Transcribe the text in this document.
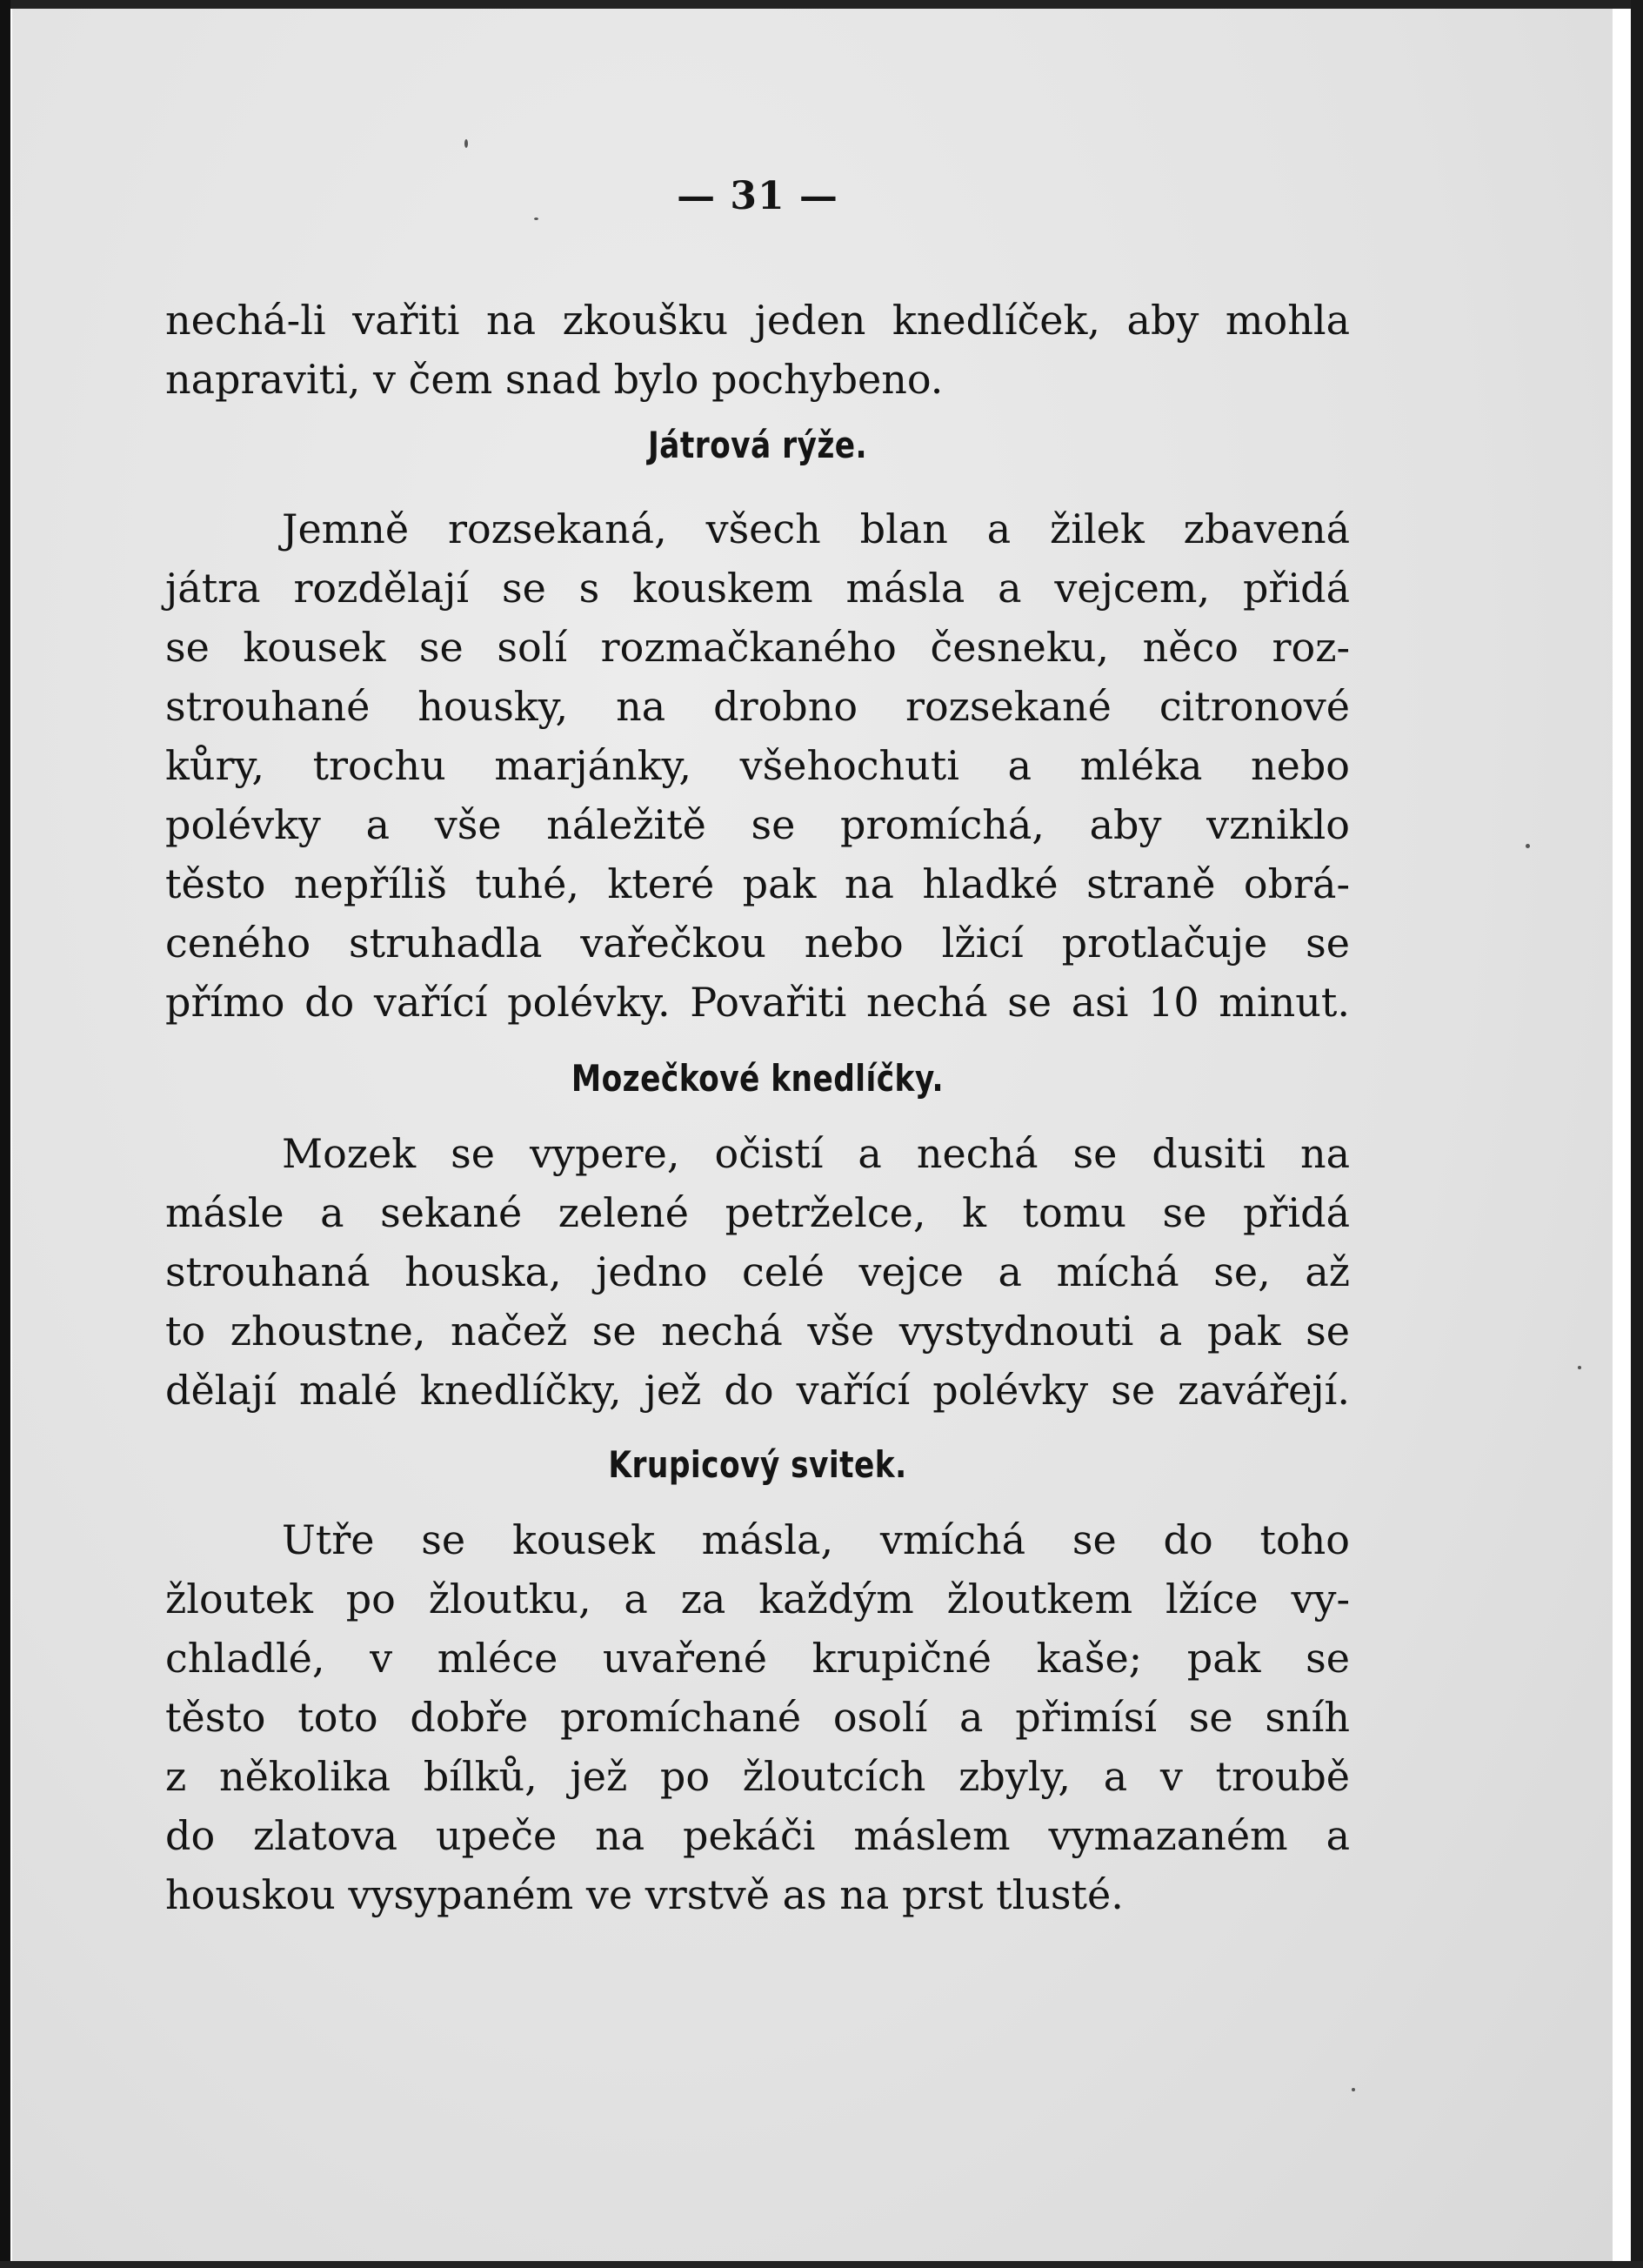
— 31 —
nechá-li vařiti na zkoušku jeden knedlíček, aby mohla
napraviti, v čem snad bylo pochybeno.
Játrová rýže.
Jemně rozsekaná, všech blan a žilek zbavená
játra rozdělají se s kouskem másla a vejcem, přidá
se kousek se solí rozmačkaného česneku, něco roz-
strouhané housky, na drobno rozsekané citronové
kůry, trochu marjánky, všehochuti a mléka nebo
polévky a vše náležitě se promíchá, aby vzniklo
těsto nepříliš tuhé, které pak na hladké straně obrá-
ceného struhadla vařečkou nebo lžicí protlačuje se
přímo do vařící polévky. Povařiti nechá se asi 10 minut.
Mozečkové knedlíčky.
Mozek se vypere, očistí a nechá se dusiti na
másle a sekané zelené petrželce, k tomu se přidá
strouhaná houska, jedno celé vejce a míchá se, až
to zhoustne, načež se nechá vše vystydnouti a pak se
dělají malé knedlíčky, jež do vařící polévky se zavářejí.
Krupicový svitek.
Utře se kousek másla, vmíchá se do toho
žloutek po žloutku, a za každým žloutkem lžíce vy-
chladlé, v mléce uvařené krupičné kaše; pak se
těsto toto dobře promíchané osolí a přimísí se sníh
z několika bílků, jež po žloutcích zbyly, a v troubě
do zlatova upeče na pekáči máslem vymazaném a
houskou vysypaném ve vrstvě as na prst tlusté.
